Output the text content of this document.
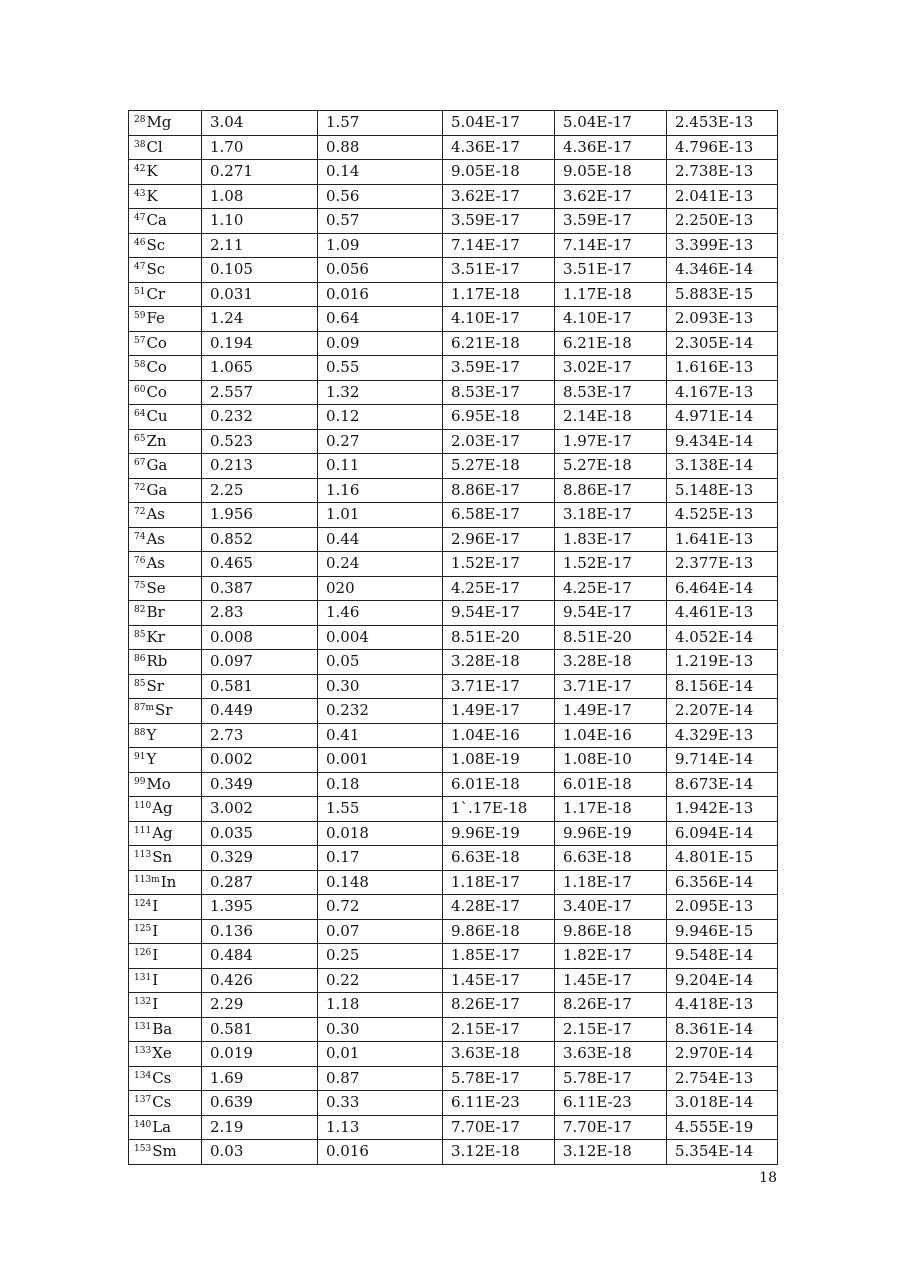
$^{28}$Mg	3.04	1.57	5.04E-17	5.04E-17	2.453E-13
$^{38}$Cl	1.70	0.88	4.36E-17	4.36E-17	4.796E-13
$^{42}$K	0.271	0.14	9.05E-18	9.05E-18	2.738E-13
$^{43}$K	1.08	0.56	3.62E-17	3.62E-17	2.041E-13
$^{47}$Ca	1.10	0.57	3.59E-17	3.59E-17	2.250E-13
$^{46}$Sc	2.11	1.09	7.14E-17	7.14E-17	3.399E-13
$^{47}$Sc	0.105	0.056	3.51E-17	3.51E-17	4.346E-14
$^{51}$Cr	0.031	0.016	1.17E-18	1.17E-18	5.883E-15
$^{59}$Fe	1.24	0.64	4.10E-17	4.10E-17	2.093E-13
$^{57}$Co	0.194	0.09	6.21E-18	6.21E-18	2.305E-14
$^{58}$Co	1.065	0.55	3.59E-17	3.02E-17	1.616E-13
$^{60}$Co	2.557	1.32	8.53E-17	8.53E-17	4.167E-13
$^{64}$Cu	0.232	0.12	6.95E-18	2.14E-18	4.971E-14
$^{65}$Zn	0.523	0.27	2.03E-17	1.97E-17	9.434E-14
$^{67}$Ga	0.213	0.11	5.27E-18	5.27E-18	3.138E-14
$^{72}$Ga	2.25	1.16	8.86E-17	8.86E-17	5.148E-13
$^{72}$As	1.956	1.01	6.58E-17	3.18E-17	4.525E-13
$^{74}$As	0.852	0.44	2.96E-17	1.83E-17	1.641E-13
$^{76}$As	0.465	0.24	1.52E-17	1.52E-17	2.377E-13
$^{75}$Se	0.387	020	4.25E-17	4.25E-17	6.464E-14
$^{82}$Br	2.83	1.46	9.54E-17	9.54E-17	4.461E-13
$^{85}$Kr	0.008	0.004	8.51E-20	8.51E-20	4.052E-14
$^{86}$Rb	0.097	0.05	3.28E-18	3.28E-18	1.219E-13
$^{85}$Sr	0.581	0.30	3.71E-17	3.71E-17	8.156E-14
$^{87m}$Sr	0.449	0.232	1.49E-17	1.49E-17	2.207E-14
$^{88}$Y	2.73	0.41	1.04E-16	1.04E-16	4.329E-13
$^{91}$Y	0.002	0.001	1.08E-19	1.08E-10	9.714E-14
$^{99}$Mo	0.349	0.18	6.01E-18	6.01E-18	8.673E-14
$^{110}$Ag	3.002	1.55	1`.17E-18	1.17E-18	1.942E-13
$^{111}$Ag	0.035	0.018	9.96E-19	9.96E-19	6.094E-14
$^{113}$Sn	0.329	0.17	6.63E-18	6.63E-18	4.801E-15
$^{113m}$In	0.287	0.148	1.18E-17	1.18E-17	6.356E-14
$^{124}$I	1.395	0.72	4.28E-17	3.40E-17	2.095E-13
$^{125}$I	0.136	0.07	9.86E-18	9.86E-18	9.946E-15
$^{126}$I	0.484	0.25	1.85E-17	1.82E-17	9.548E-14
$^{131}$I	0.426	0.22	1.45E-17	1.45E-17	9.204E-14
$^{132}$I	2.29	1.18	8.26E-17	8.26E-17	4.418E-13
$^{131}$Ba	0.581	0.30	2.15E-17	2.15E-17	8.361E-14
$^{133}$Xe	0.019	0.01	3.63E-18	3.63E-18	2.970E-14
$^{134}$Cs	1.69	0.87	5.78E-17	5.78E-17	2.754E-13
$^{137}$Cs	0.639	0.33	6.11E-23	6.11E-23	3.018E-14
$^{140}$La	2.19	1.13	7.70E-17	7.70E-17	4.555E-19
$^{153}$Sm	0.03	0.016	3.12E-18	3.12E-18	5.354E-14
18
